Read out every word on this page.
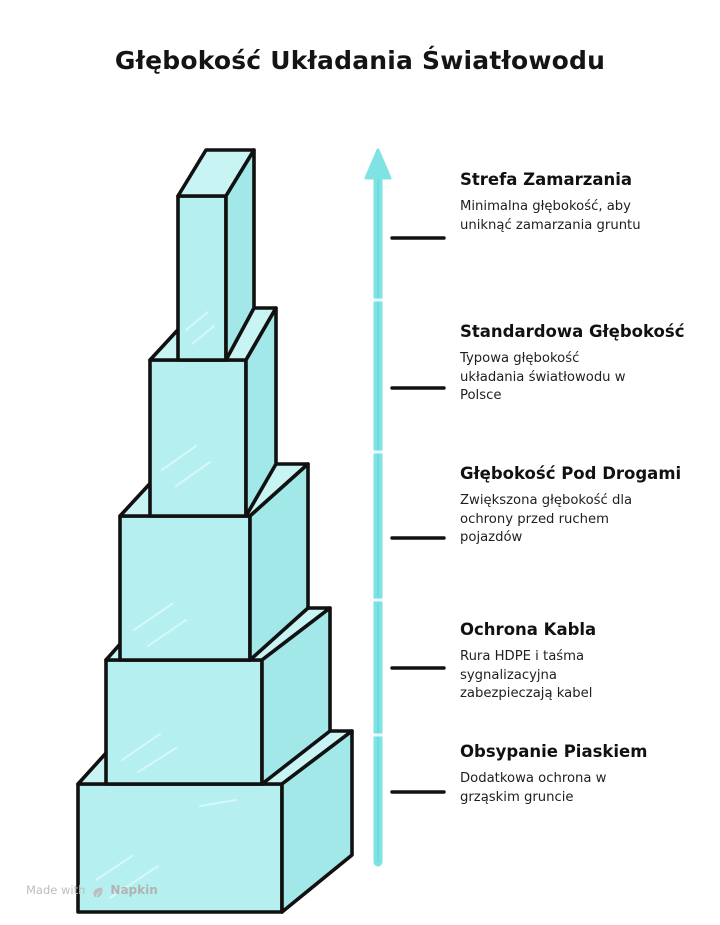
Głębokość Układania Światłowodu

Strefa Zamarzania

Minimalna głębokość, aby uniknąć zamarzania gruntu

Standardowa Głębokość

Typowa głębokość układania światłowodu w Polsce

Głębokość Pod Drogami

Zwiększona głębokość dla ochrony przed ruchem pojazdów

Ochrona Kabla

Rura HDPE i taśma sygnalizacyjna zabezpieczają kabel

Obsypanie Piaskiem

Dodatkowa ochrona w grząskim gruncie

Made with Napkin
